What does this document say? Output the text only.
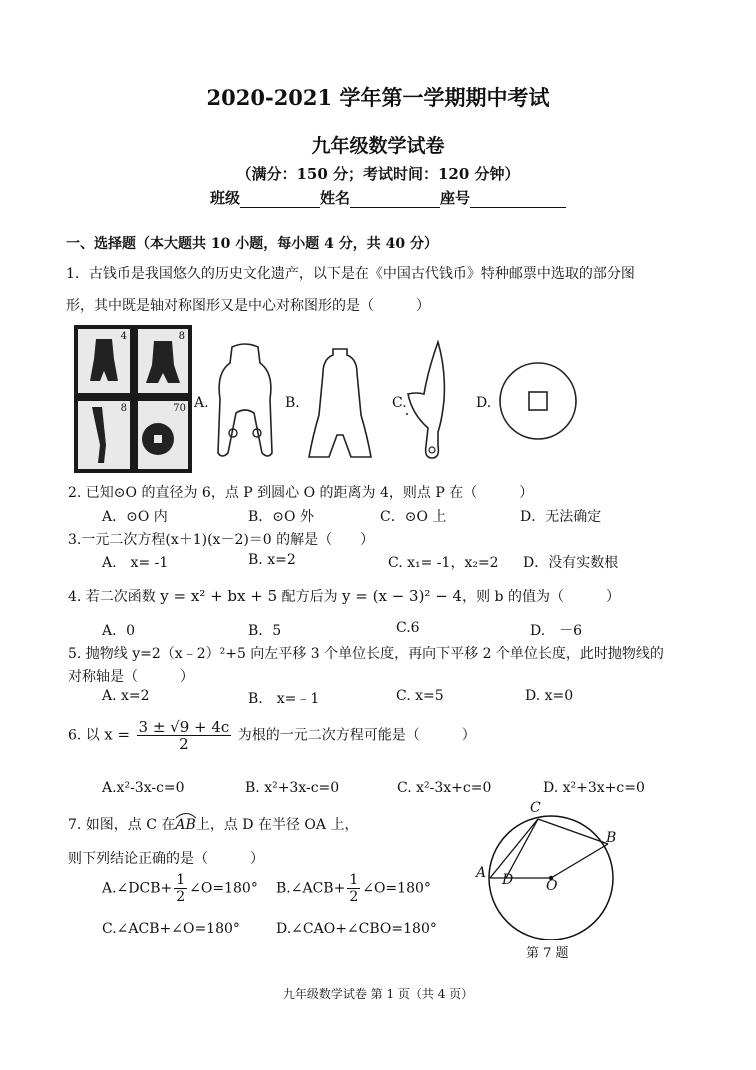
2020-2021 学年第一学期期中考试
九年级数学试卷
（满分：150 分；考试时间：120 分钟）
班级	姓名	座号
一、选择题（本大题共 10 小题，每小题 4 分，共 40 分）
1．古钱币是我国悠久的历史文化遗产，以下是在《中国古代钱币》特种邮票中选取的部分图
形，其中既是轴对称图形又是中心对称图形的是（　　　）
4	8
8	70 A.	B.	C.	D.
2. 已知⊙O 的直径为 6，点 P 到圆心 O 的距离为 4，则点 P 在（　　　）
A．⊙O 内	B．⊙O 外	C．⊙O 上	D．无法确定
3.一元二次方程(x＋1)(x－2)＝0 的解是（　　）
A.　x= -1	B. x=2	C. x₁= -1，x₂=2 D．没有实数根
4. 若二次函数 y = x² + bx + 5 配方后为 y = (x − 3)² − 4，则 b 的值为（　　　）
A．0	B．5	C.6	D.　－6
5. 抛物线 y=2（x﹣2）²+5 向左平移 3 个单位长度，再向下平移 2 个单位长度，此时抛物线的
对称轴是（　　　）
A. x=2	B.　x=﹣1	C. x=5	D. x=0
6. 以 $x = \frac{3 \pm √9 + 4c}{2}$ 为根的一元二次方程可能是（　　　）
A.x²-3x-c=0	B. x²+3x-c=0	C. x²-3x+c=0	D. x²+3x+c=0
7. 如图，点 C 在
AB上，点 D 在半径 OA 上，
则下列结论正确的是（　　　）
A.∠DCB+ $\frac{1}{2}$ ∠O=180° B.∠ACB+ $\frac{1}{2}$ ∠O=180°
C.∠ACB+∠O=180°	D.∠CAO+∠CBO=180°
C
B
A D O
第 7 题
九年级数学试卷 第 1 页（共 4 页）
